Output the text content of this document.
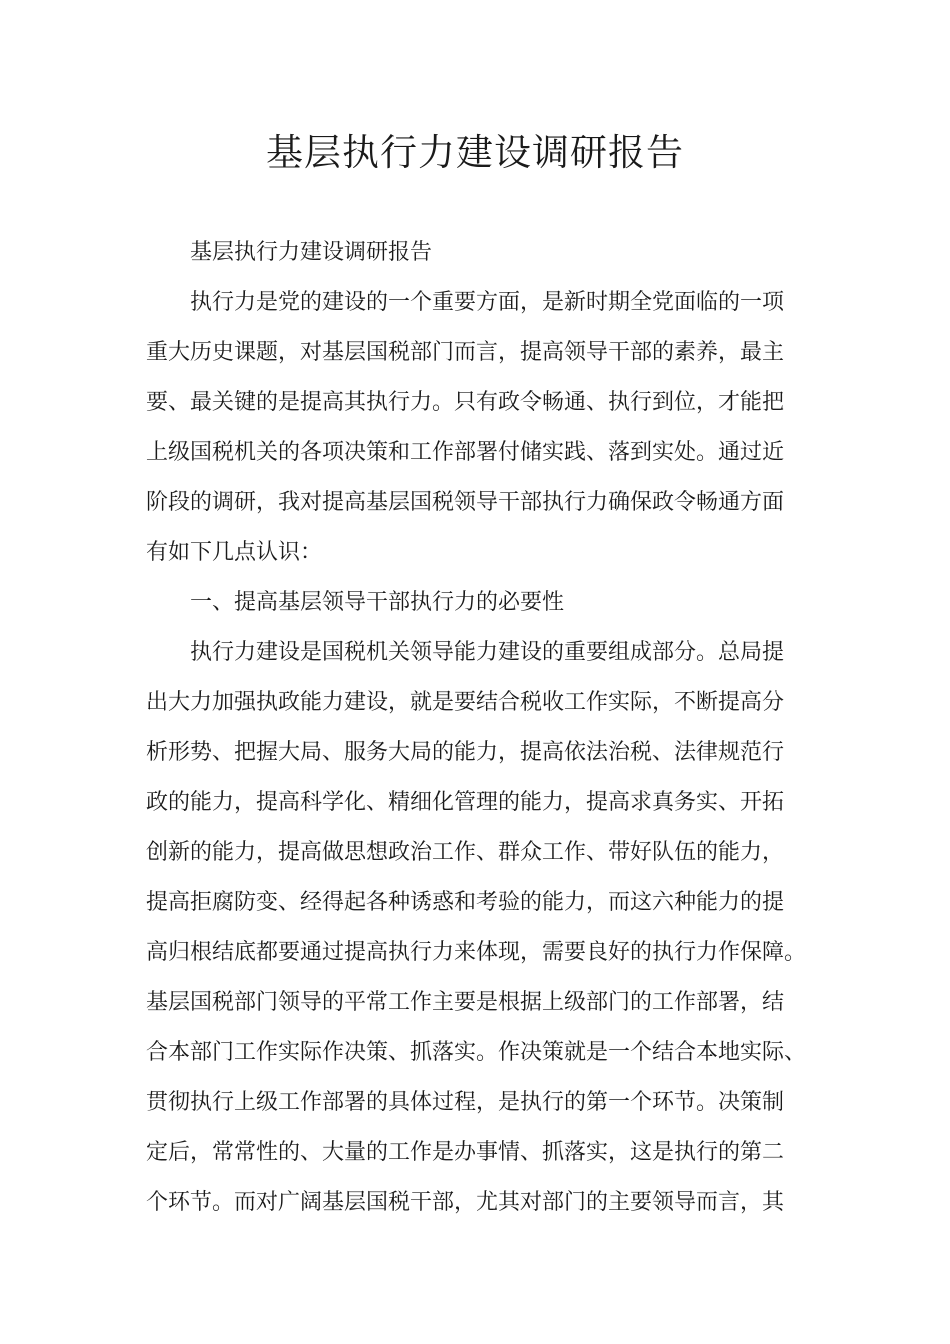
基层执行力建设调研报告

基层执行力建设调研报告

执行力是党的建设的一个重要方面，是新时期全党面临的一项
重大历史课题，对基层国税部门而言，提高领导干部的素养，最主
要、最关键的是提高其执行力。只有政令畅通、执行到位，才能把
上级国税机关的各项决策和工作部署付储实践、落到实处。通过近
阶段的调研，我对提高基层国税领导干部执行力确保政令畅通方面
有如下几点认识：

一、提高基层领导干部执行力的必要性

执行力建设是国税机关领导能力建设的重要组成部分。总局提
出大力加强执政能力建设，就是要结合税收工作实际，不断提高分
析形势、把握大局、服务大局的能力，提高依法治税、法律规范行
政的能力，提高科学化、精细化管理的能力，提高求真务实、开拓
创新的能力，提高做思想政治工作、群众工作、带好队伍的能力，
提高拒腐防变、经得起各种诱惑和考验的能力，而这六种能力的提
高归根结底都要通过提高执行力来体现，需要良好的执行力作保障。
基层国税部门领导的平常工作主要是根据上级部门的工作部署，结
合本部门工作实际作决策、抓落实。作决策就是一个结合本地实际、
贯彻执行上级工作部署的具体过程，是执行的第一个环节。决策制
定后，常常性的、大量的工作是办事情、抓落实，这是执行的第二
个环节。而对广阔基层国税干部，尤其对部门的主要领导而言，其
